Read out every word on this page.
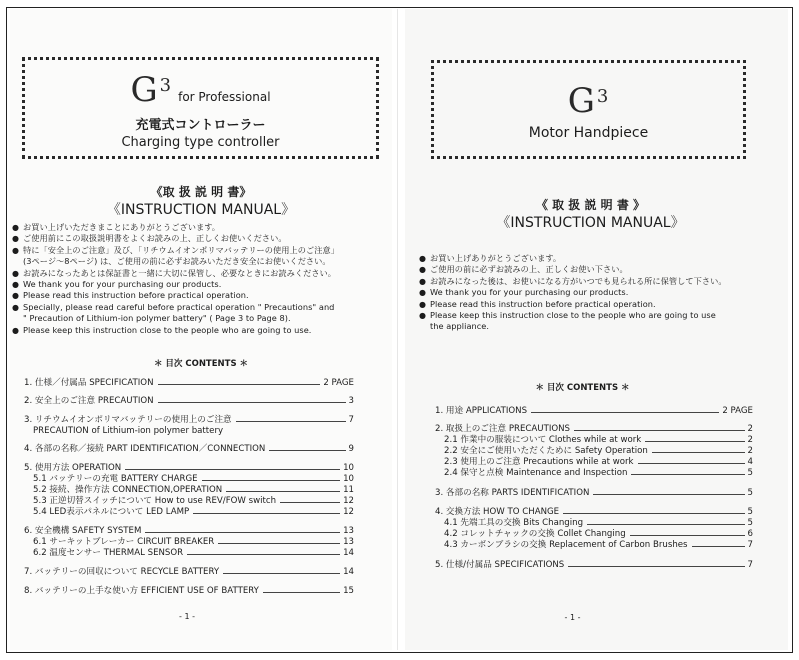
$G^3for$ Professional
充電式コントローラー
Charging type controller
《取 扱 説 明 書》
《INSTRUCTION MANUAL》
● お買い上げいただきまことにありがとうございます。
● ご使用前にこの取扱説明書をよくお読みの上、正しくお使いください。
● 特に「安全上のご注意」及び、「リチウムイオンポリマバッテリーの使用上のご注意」
(3ページ～8ページ) は、ご使用の前に必ずお読みいただき安全にお使いください。
● お読みになったあとは保証書と一緒に大切に保管し、必要なときにお読みください。
● We thank you for your purchasing our products.
● Please read this instruction before practical operation.
● Specially, please read careful before practical operation " Precautions" and
" Precaution of Lithium-ion polymer battery" ( Page 3 to Page 8).
● Please keep this instruction close to the people who are going to use.
＊ 目次 CONTENTS ＊
1. 仕様／付属品 SPECIFICATION	2 PAGE
2. 安全上のご注意 PRECAUTION	3
3. リチウムイオンポリマバッテリーの使用上のご注意	7
PRECAUTION of Lithium-ion polymer battery
4. 各部の名称／接続 PART IDENTIFICATION／CONNECTION	9
5. 使用方法 OPERATION	10
5.1 バッテリーの充電 BATTERY CHARGE	10
5.2 接続、操作方法 CONNECTION,OPERATION	11
5.3 正逆切替スイッチについて How to use REV/FOW switch	12
5.4 LED表示パネルについて LED LAMP	12
6. 安全機構 SAFETY SYSTEM	13
6.1 サーキットブレーカー CIRCUIT BREAKER	13
6.2 温度センサー THERMAL SENSOR	14
7. バッテリーの回収について RECYCLE BATTERY	14
8. バッテリーの上手な使い方 EFFICIENT USE OF BATTERY	15
- 1 -
$G^3$
Motor Handpiece
《 取 扱 説 明 書 》
《INSTRUCTION MANUAL》
● お買い上げありがとうございます。
● ご使用の前に必ずお読みの上、正しくお使い下さい。
● お読みになった後は、お使いになる方がいつでも見られる所に保管して下さい。
● We thank you for your purchasing our products.
● Please read this instruction before practical operation.
● Please keep this instruction close to the people who are going to use
the appliance.
＊ 目次 CONTENTS ＊
1. 用途 APPLICATIONS	2 PAGE
2. 取扱上のご注意 PRECAUTIONS	2
2.1 作業中の服装について Clothes while at work	2
2.2 安全にご使用いただくために Safety Operation	2
2.3 使用上のご注意 Precautions while at work	4
2.4 保守と点検 Maintenance and Inspection	5
3. 各部の名称 PARTS IDENTIFICATION	5
4. 交換方法 HOW TO CHANGE	5
4.1 先端工具の交換 Bits Changing	5
4.2 コレットチャックの交換 Collet Changing	6
4.3 カーボンブラシの交換 Replacement of Carbon Brushes	7
5. 仕様/付属品 SPECIFICATIONS	7
- 1 -
